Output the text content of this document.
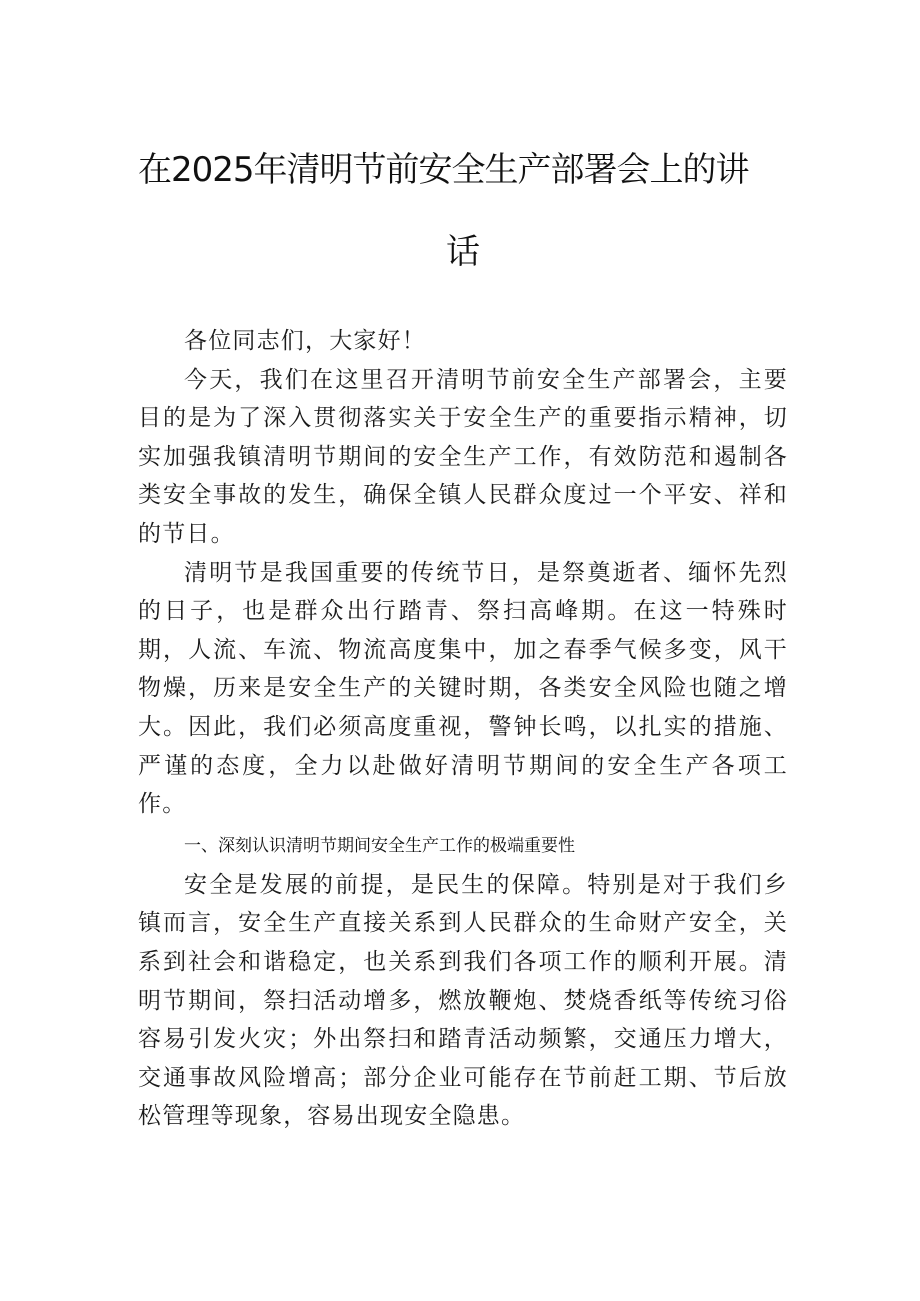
在2025年清明节前安全生产部署会上的讲
话

各位同志们，大家好！

今天，我们在这里召开清明节前安全生产部署会，主要目的是为了深入贯彻落实关于安全生产的重要指示精神，切实加强我镇清明节期间的安全生产工作，有效防范和遏制各类安全事故的发生，确保全镇人民群众度过一个平安、祥和的节日。

清明节是我国重要的传统节日，是祭奠逝者、缅怀先烈的日子，也是群众出行踏青、祭扫高峰期。在这一特殊时期，人流、车流、物流高度集中，加之春季气候多变，风干物燥，历来是安全生产的关键时期，各类安全风险也随之增大。因此，我们必须高度重视，警钟长鸣，以扎实的措施、严谨的态度，全力以赴做好清明节期间的安全生产各项工作。

一、深刻认识清明节期间安全生产工作的极端重要性

安全是发展的前提，是民生的保障。特别是对于我们乡镇而言，安全生产直接关系到人民群众的生命财产安全，关系到社会和谐稳定，也关系到我们各项工作的顺利开展。清明节期间，祭扫活动增多，燃放鞭炮、焚烧香纸等传统习俗容易引发火灾；外出祭扫和踏青活动频繁，交通压力增大，交通事故风险增高；部分企业可能存在节前赶工期、节后放松管理等现象，容易出现安全隐患。
